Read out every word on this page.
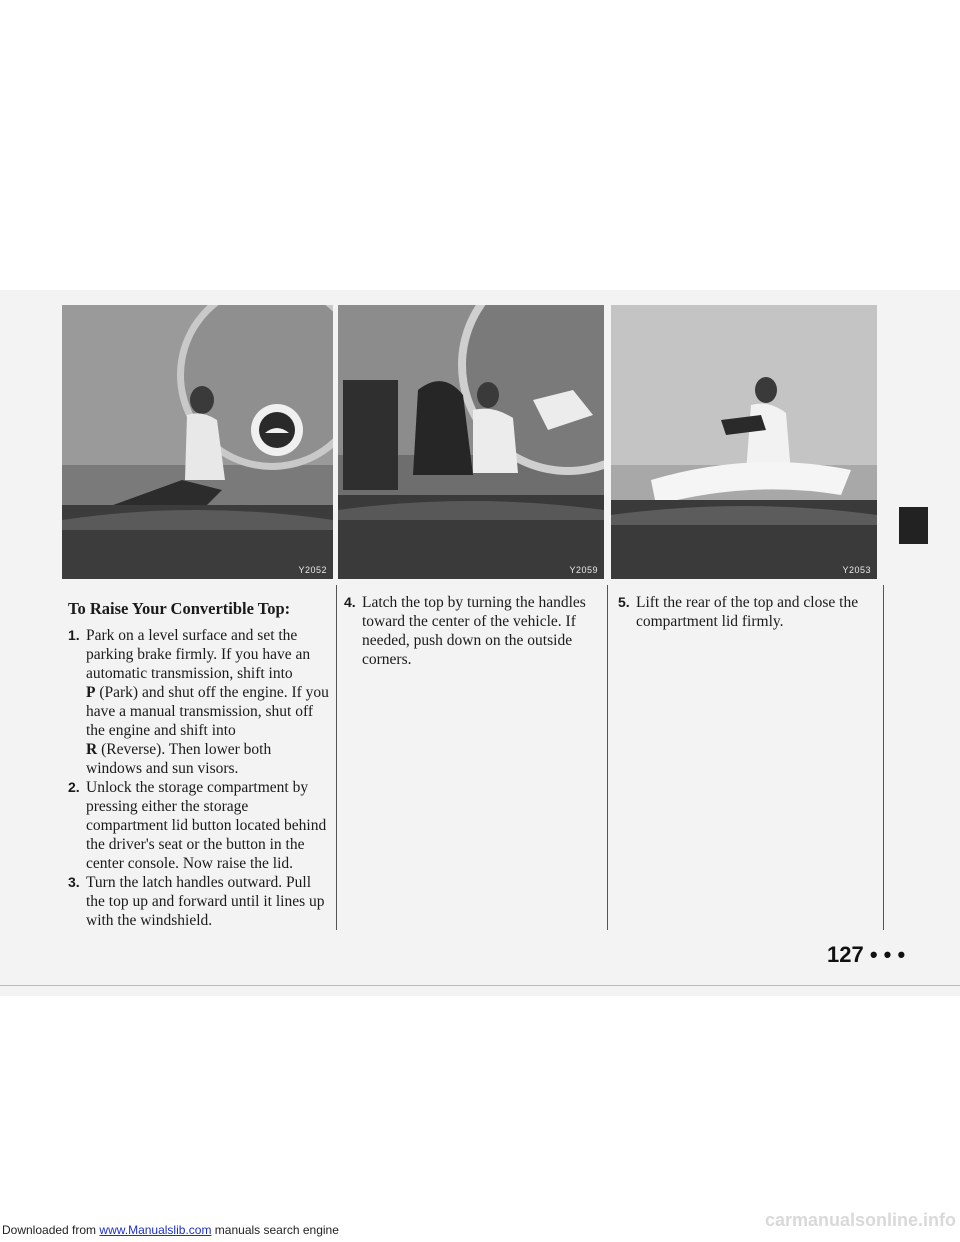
Y2052	Y2059	Y2053
To Raise Your Convertible Top:
1. Park on a level surface and set the parking brake firmly. If you have an automatic transmission, shift into
P (Park) and shut off the engine. If you have a manual transmission, shut off the engine and shift into
R (Reverse). Then lower both windows and sun visors.
2. Unlock the storage compartment by pressing either the storage compartment lid button located behind the driver's seat or the button in the center console. Now raise the lid.
3. Turn the latch handles outward. Pull the top up and forward until it lines up with the windshield.
4. Latch the top by turning the handles toward the center of the vehicle. If needed, push down on the outside corners.
5. Lift the rear of the top and close the compartment lid firmly.
127 • • •
Downloaded from www.Manualslib.com manuals search engine	carmanualsonline.info
